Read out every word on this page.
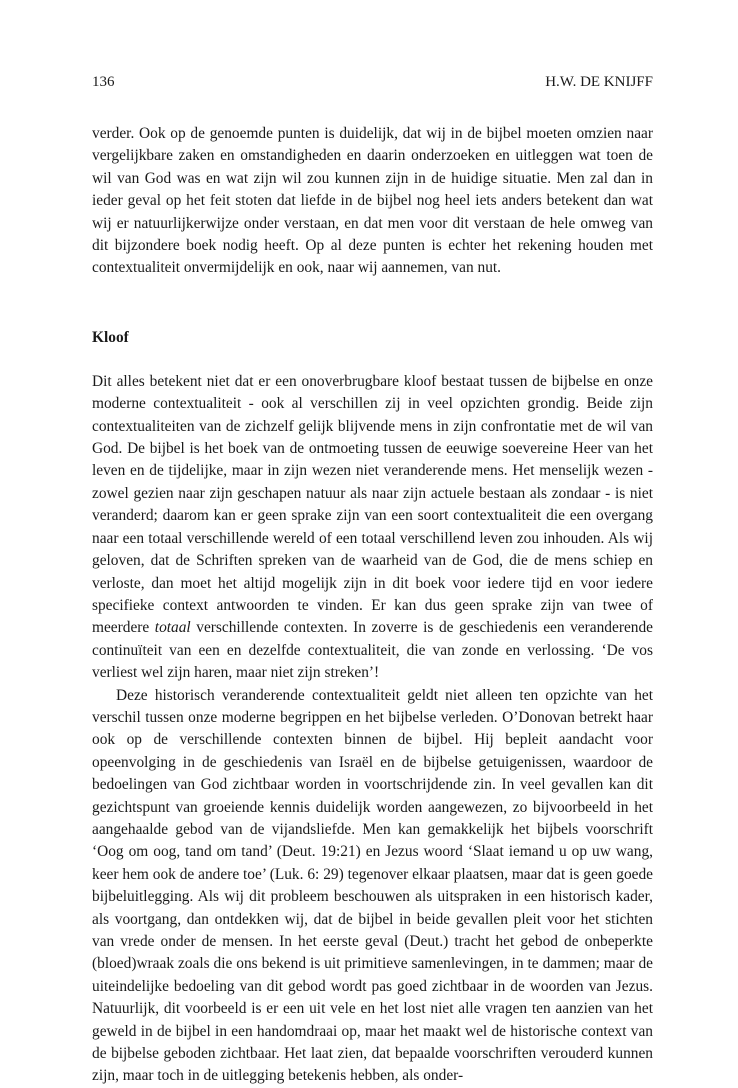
136	H.W. DE KNIJFF

verder. Ook op de genoemde punten is duidelijk, dat wij in de bijbel moeten omzien naar vergelijkbare zaken en omstandigheden en daarin onderzoeken en uitleggen wat toen de wil van God was en wat zijn wil zou kunnen zijn in de huidige situatie. Men zal dan in ieder geval op het feit stoten dat liefde in de bijbel nog heel iets anders betekent dan wat wij er natuurlijkerwijze onder verstaan, en dat men voor dit verstaan de hele omweg van dit bijzondere boek nodig heeft. Op al deze punten is echter het rekening houden met contextualiteit onvermijdelijk en ook, naar wij aannemen, van nut.

Kloof

Dit alles betekent niet dat er een onoverbrugbare kloof bestaat tussen de bijbelse en onze moderne contextualiteit - ook al verschillen zij in veel opzichten grondig. Beide zijn contextualiteiten van de zichzelf gelijk blijvende mens in zijn confrontatie met de wil van God. De bijbel is het boek van de ontmoeting tussen de eeuwige soevereine Heer van het leven en de tijdelijke, maar in zijn wezen niet veranderende mens. Het menselijk wezen - zowel gezien naar zijn geschapen natuur als naar zijn actuele bestaan als zondaar - is niet veranderd; daarom kan er geen sprake zijn van een soort contextualiteit die een overgang naar een totaal verschillende wereld of een totaal verschillend leven zou inhouden. Als wij geloven, dat de Schriften spreken van de waarheid van de God, die de mens schiep en verloste, dan moet het altijd mogelijk zijn in dit boek voor iedere tijd en voor iedere specifieke context antwoorden te vinden. Er kan dus geen sprake zijn van twee of meerdere totaal verschillende contexten. In zoverre is de geschiedenis een veranderende continuïteit van een en dezelfde contextualiteit, die van zonde en verlossing. ‘De vos verliest wel zijn haren, maar niet zijn streken’!

Deze historisch veranderende contextualiteit geldt niet alleen ten opzichte van het verschil tussen onze moderne begrippen en het bijbelse verleden. O’Donovan betrekt haar ook op de verschillende contexten binnen de bijbel. Hij bepleit aandacht voor opeenvolging in de geschiedenis van Israël en de bijbelse getuigenissen, waardoor de bedoelingen van God zichtbaar worden in voortschrijdende zin. In veel gevallen kan dit gezichtspunt van groeiende kennis duidelijk worden aangewezen, zo bijvoorbeeld in het aangehaalde gebod van de vijandsliefde. Men kan gemakkelijk het bijbels voorschrift ‘Oog om oog, tand om tand’ (Deut. 19:21) en Jezus woord ‘Slaat iemand u op uw wang, keer hem ook de andere toe’ (Luk. 6: 29) tegenover elkaar plaatsen, maar dat is geen goede bijbeluitlegging. Als wij dit probleem beschouwen als uitspraken in een historisch kader, als voortgang, dan ontdekken wij, dat de bijbel in beide gevallen pleit voor het stichten van vrede onder de mensen. In het eerste geval (Deut.) tracht het gebod de onbeperkte (bloed)wraak zoals die ons bekend is uit primitieve samenlevingen, in te dammen; maar de uiteindelijke bedoeling van dit gebod wordt pas goed zichtbaar in de woorden van Jezus. Natuurlijk, dit voorbeeld is er een uit vele en het lost niet alle vragen ten aanzien van het geweld in de bijbel in een handomdraai op, maar het maakt wel de historische context van de bijbelse geboden zichtbaar. Het laat zien, dat bepaalde voorschriften verouderd kunnen zijn, maar toch in de uitlegging betekenis hebben, als onder-
